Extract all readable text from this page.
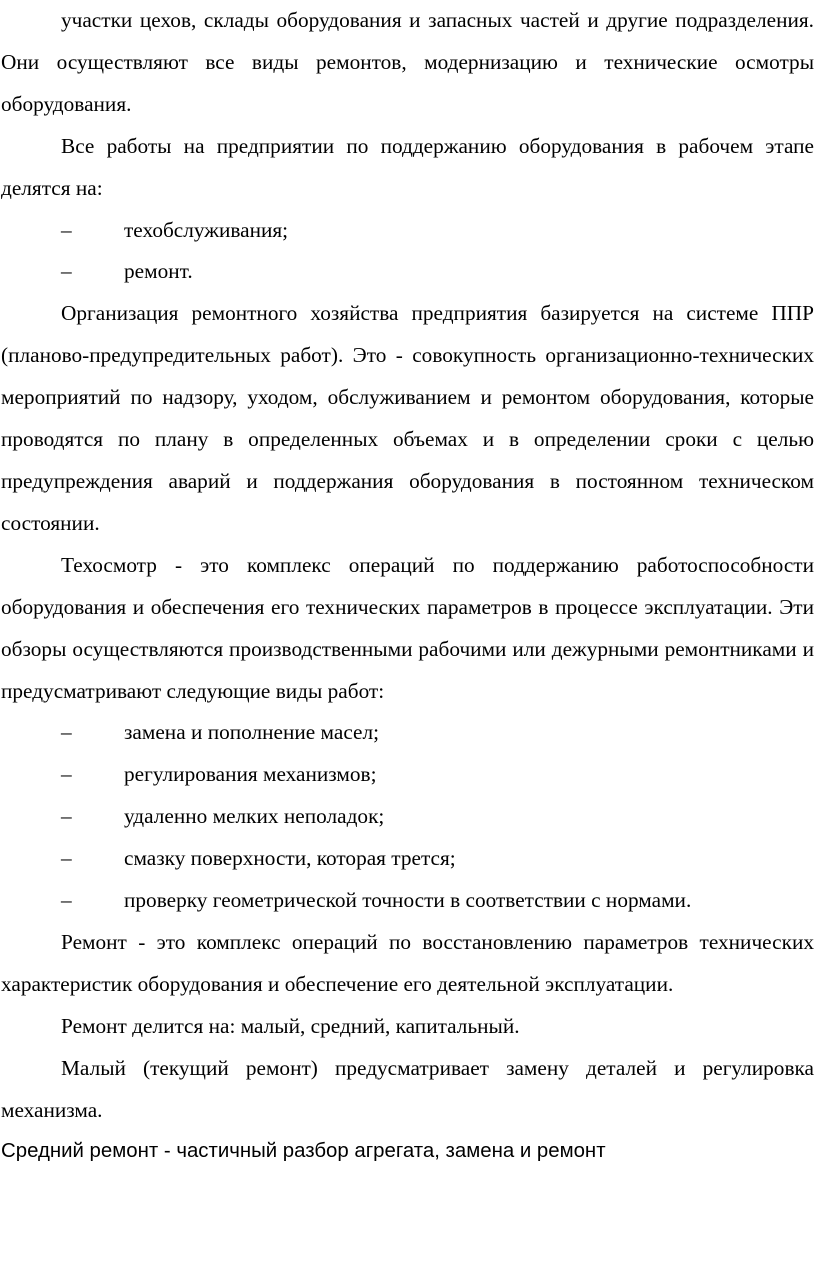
участки цехов, склады оборудования и запасных частей и другие подразделения. Они осуществляют все виды ремонтов, модернизацию и технические осмотры оборудования.

Все работы на предприятии по поддержанию оборудования в рабочем этапе делятся на:

– техобслуживания;
– ремонт.

Организация ремонтного хозяйства предприятия базируется на системе ППР (планово-предупредительных работ). Это - совокупность организационно-технических мероприятий по надзору, уходом, обслуживанием и ремонтом оборудования, которые проводятся по плану в определенных объемах и в определении сроки с целью предупреждения аварий и поддержания оборудования в постоянном техническом состоянии.

Техосмотр - это комплекс операций по поддержанию работоспособности оборудования и обеспечения его технических параметров в процессе эксплуатации. Эти обзоры осуществляются производственными рабочими или дежурными ремонтниками и предусматривают следующие виды работ:

– замена и пополнение масел;
– регулирования механизмов;
– удаленно мелких неполадок;
– смазку поверхности, которая трется;
– проверку геометрической точности в соответствии с нормами.

Ремонт - это комплекс операций по восстановлению параметров технических характеристик оборудования и обеспечение его деятельной эксплуатации.

Ремонт делится на: малый, средний, капитальный.

Малый (текущий ремонт) предусматривает замену деталей и регулировка механизма.

Средний ремонт - частичный разбор агрегата, замена и ремонт
